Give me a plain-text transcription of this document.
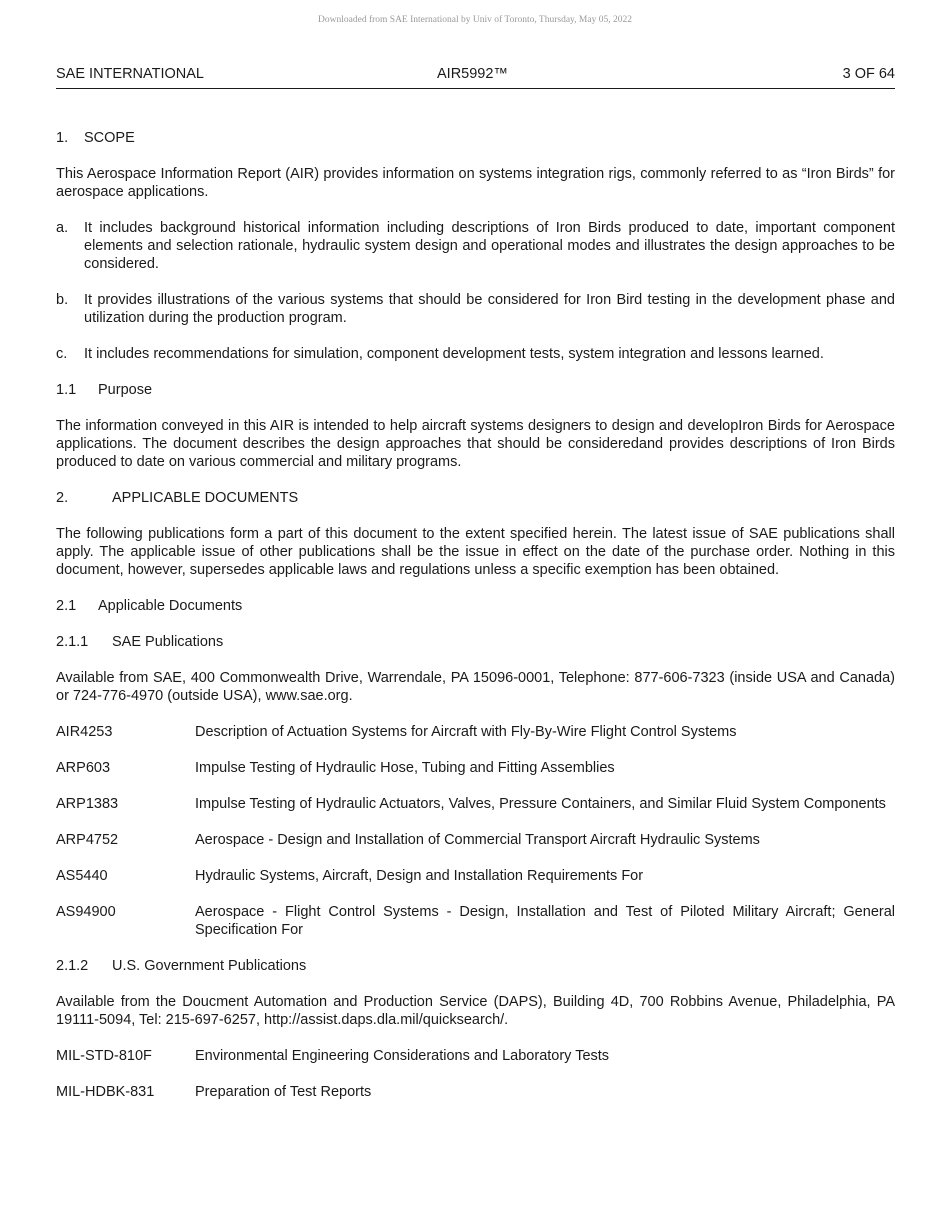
Downloaded from SAE International by Univ of Toronto, Thursday, May 05, 2022
SAE INTERNATIONAL	AIR5992™	3 OF 64

1. SCOPE

This Aerospace Information Report (AIR) provides information on systems integration rigs, commonly referred to as “Iron Birds” for aerospace applications.

a.	It includes background historical information including descriptions of Iron Birds produced to date, important component elements and selection rationale, hydraulic system design and operational modes and illustrates the design approaches to be considered.
b.	It provides illustrations of the various systems that should be considered for Iron Bird testing in the development phase and utilization during the production program.
c.	It includes recommendations for simulation, component development tests, system integration and lessons learned.

1.1 Purpose

The information conveyed in this AIR is intended to help aircraft systems designers to design and developIron Birds for Aerospace applications. The document describes the design approaches that should be consideredand provides descriptions of Iron Birds produced to date on various commercial and military programs.

2.	APPLICABLE DOCUMENTS

The following publications form a part of this document to the extent specified herein. The latest issue of SAE publications shall apply. The applicable issue of other publications shall be the issue in effect on the date of the purchase order. Nothing in this document, however, supersedes applicable laws and regulations unless a specific exemption has been obtained.

2.1 Applicable Documents

2.1.1 SAE Publications

Available from SAE, 400 Commonwealth Drive, Warrendale, PA 15096-0001, Telephone: 877-606-7323 (inside USA and Canada) or 724-776-4970 (outside USA), www.sae.org.

AIR4253	Description of Actuation Systems for Aircraft with Fly-By-Wire Flight Control Systems
ARP603	Impulse Testing of Hydraulic Hose, Tubing and Fitting Assemblies
ARP1383	Impulse Testing of Hydraulic Actuators, Valves, Pressure Containers, and Similar Fluid System Components
ARP4752	Aerospace - Design and Installation of Commercial Transport Aircraft Hydraulic Systems
AS5440	Hydraulic Systems, Aircraft, Design and Installation Requirements For
AS94900	Aerospace - Flight Control Systems - Design, Installation and Test of Piloted Military Aircraft; General Specification For

2.1.2 U.S. Government Publications

Available from the Doucment Automation and Production Service (DAPS), Building 4D, 700 Robbins Avenue, Philadelphia, PA 19111-5094, Tel: 215-697-6257, http://assist.daps.dla.mil/quicksearch/.

MIL-STD-810F	Environmental Engineering Considerations and Laboratory Tests
MIL-HDBK-831	Preparation of Test Reports
